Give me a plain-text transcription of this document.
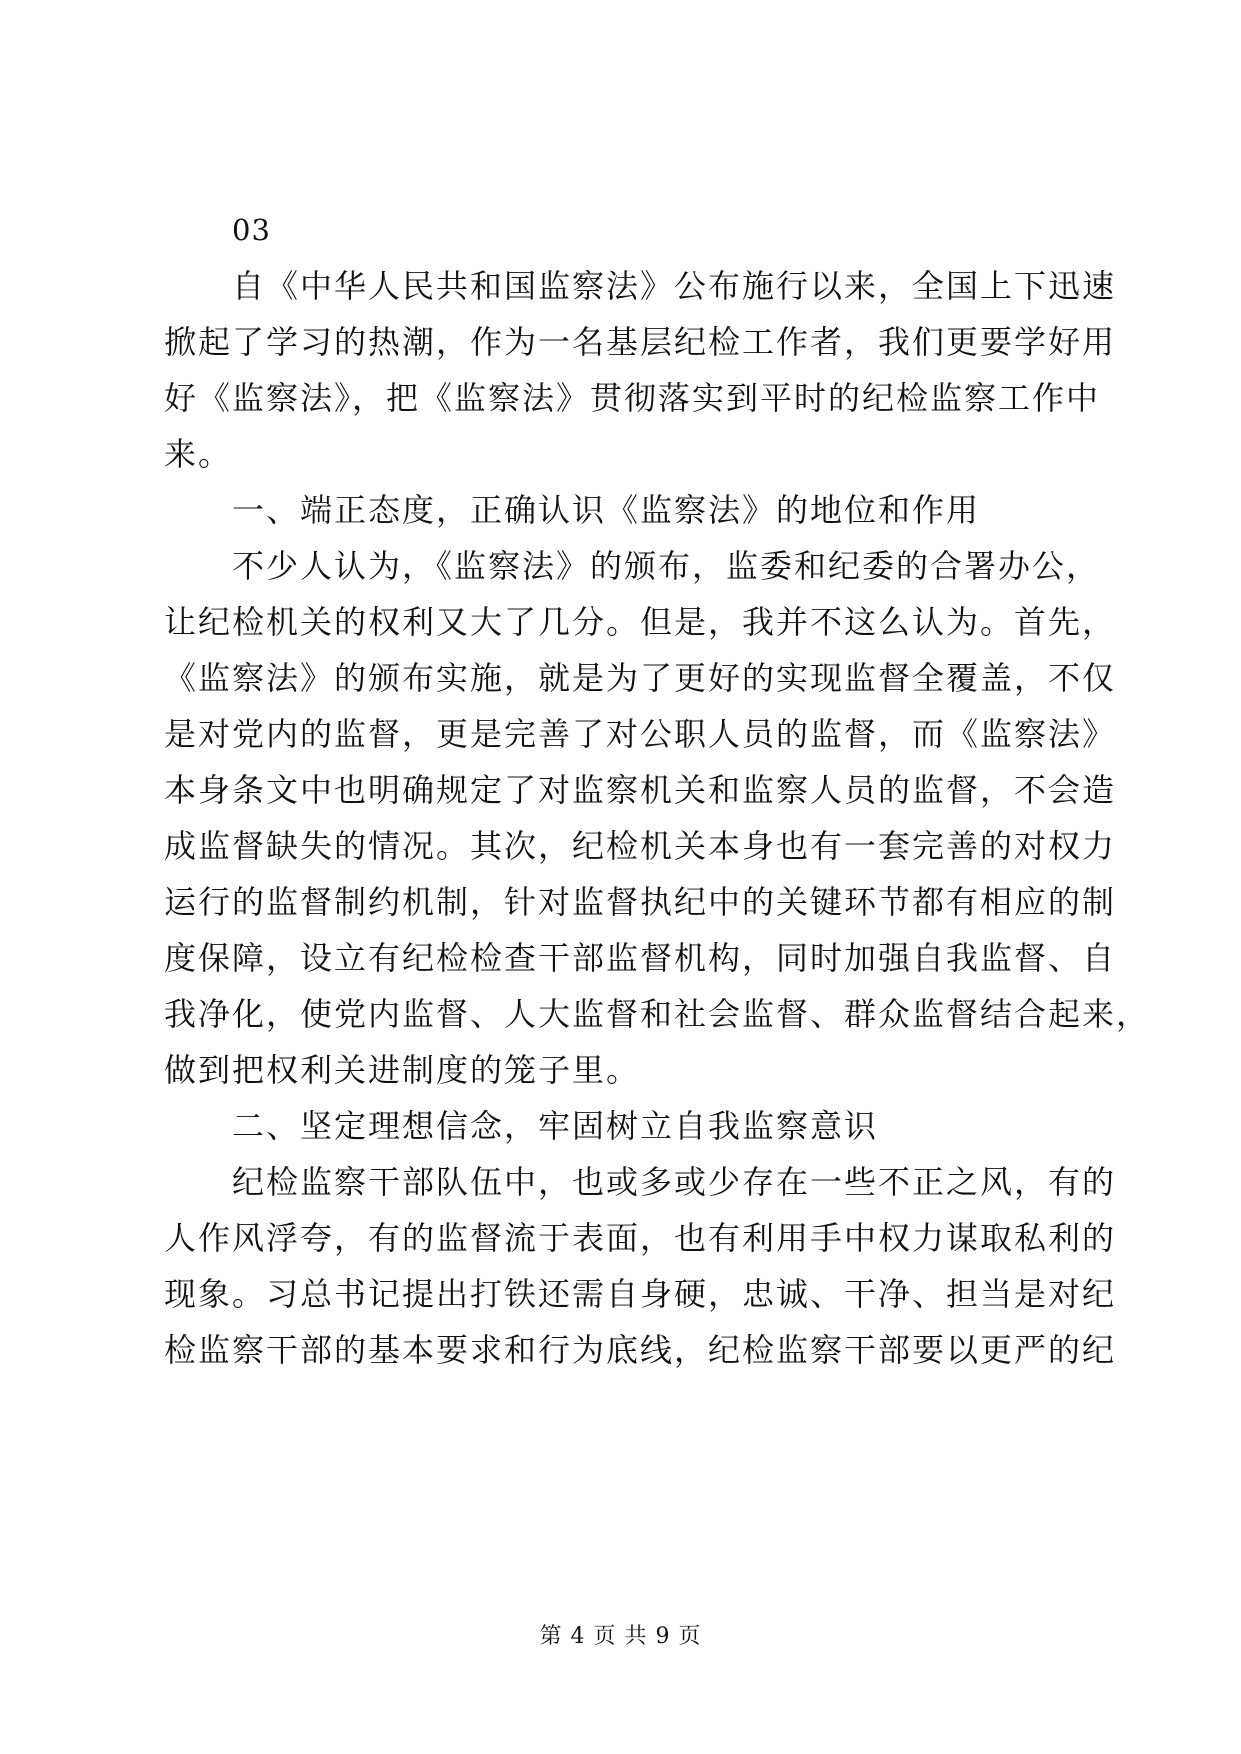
03
自《中华人民共和国监察法》公布施行以来，全国上下迅速
掀起了学习的热潮，作为一名基层纪检工作者，我们更要学好用
好《监察法》，把《监察法》贯彻落实到平时的纪检监察工作中
来。
一、端正态度，正确认识《监察法》的地位和作用
不少人认为，《监察法》的颁布，监委和纪委的合署办公，
让纪检机关的权利又大了几分。但是，我并不这么认为。首先，
《监察法》的颁布实施，就是为了更好的实现监督全覆盖，不仅
是对党内的监督，更是完善了对公职人员的监督，而《监察法》
本身条文中也明确规定了对监察机关和监察人员的监督，不会造
成监督缺失的情况。其次，纪检机关本身也有一套完善的对权力
运行的监督制约机制，针对监督执纪中的关键环节都有相应的制
度保障，设立有纪检检查干部监督机构，同时加强自我监督、自
我净化，使党内监督、人大监督和社会监督、群众监督结合起来，
做到把权利关进制度的笼子里。
二、坚定理想信念，牢固树立自我监察意识
纪检监察干部队伍中，也或多或少存在一些不正之风，有的
人作风浮夸，有的监督流于表面，也有利用手中权力谋取私利的
现象。习总书记提出打铁还需自身硬，忠诚、干净、担当是对纪
检监察干部的基本要求和行为底线，纪检监察干部要以更严的纪
第 4 页 共 9 页
